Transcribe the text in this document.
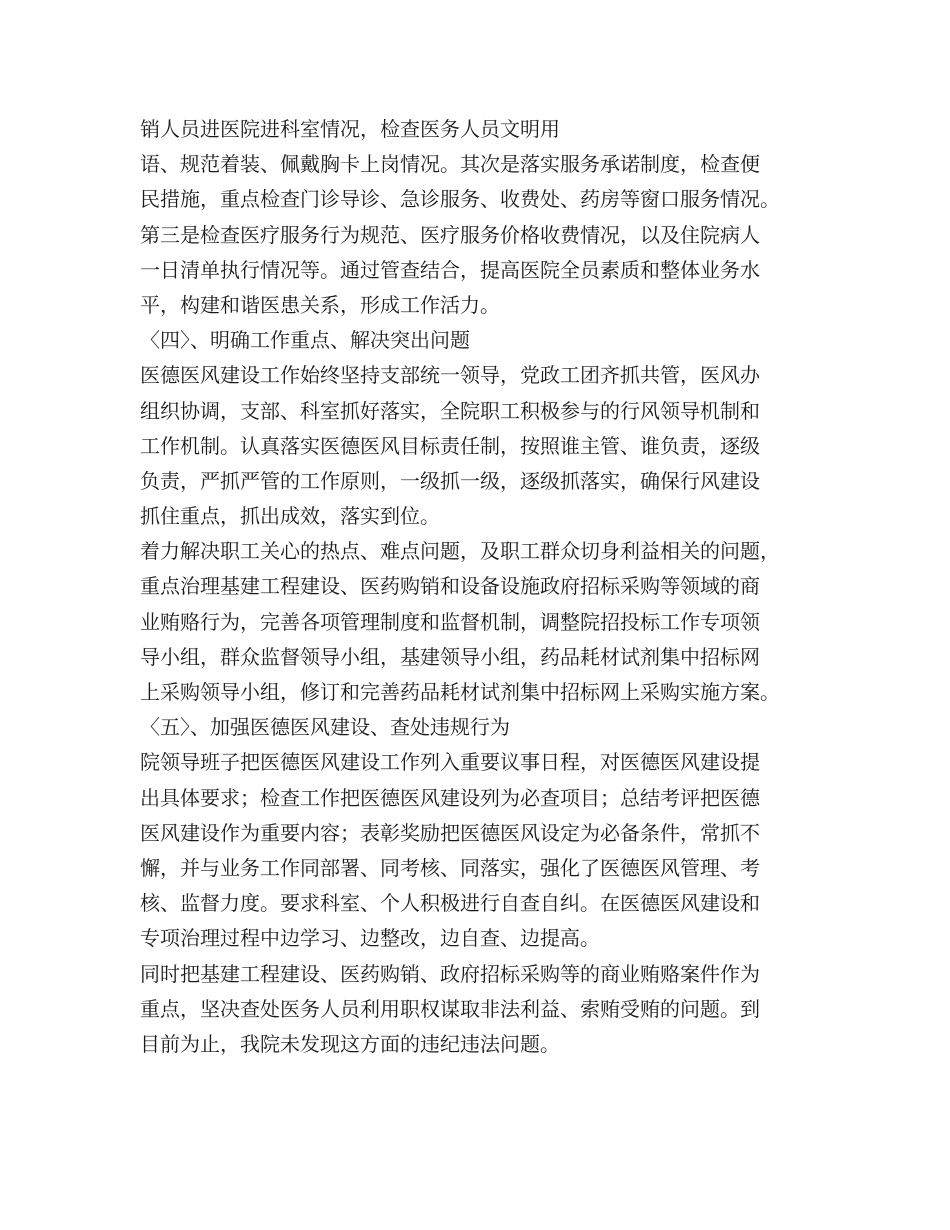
销人员进医院进科室情况，检查医务人员文明用
语、规范着装、佩戴胸卡上岗情况。其次是落实服务承诺制度，检查便
民措施，重点检查门诊导诊、急诊服务、收费处、药房等窗口服务情况。
第三是检查医疗服务行为规范、医疗服务价格收费情况，以及住院病人
一日清单执行情况等。通过管查结合，提高医院全员素质和整体业务水
平，构建和谐医患关系，形成工作活力。
〈四〉、明确工作重点、解决突出问题
医德医风建设工作始终坚持支部统一领导，党政工团齐抓共管，医风办
组织协调，支部、科室抓好落实，全院职工积极参与的行风领导机制和
工作机制。认真落实医德医风目标责任制，按照谁主管、谁负责，逐级
负责，严抓严管的工作原则，一级抓一级，逐级抓落实，确保行风建设
抓住重点，抓出成效，落实到位。
着力解决职工关心的热点、难点问题，及职工群众切身利益相关的问题，
重点治理基建工程建设、医药购销和设备设施政府招标采购等领域的商
业贿赂行为，完善各项管理制度和监督机制，调整院招投标工作专项领
导小组，群众监督领导小组，基建领导小组，药品耗材试剂集中招标网
上采购领导小组，修订和完善药品耗材试剂集中招标网上采购实施方案。
〈五〉、加强医德医风建设、查处违规行为
院领导班子把医德医风建设工作列入重要议事日程，对医德医风建设提
出具体要求；检查工作把医德医风建设列为必查项目；总结考评把医德
医风建设作为重要内容；表彰奖励把医德医风设定为必备条件，常抓不
懈，并与业务工作同部署、同考核、同落实，强化了医德医风管理、考
核、监督力度。要求科室、个人积极进行自查自纠。在医德医风建设和
专项治理过程中边学习、边整改，边自查、边提高。
同时把基建工程建设、医药购销、政府招标采购等的商业贿赂案件作为
重点，坚决查处医务人员利用职权谋取非法利益、索贿受贿的问题。到
目前为止，我院未发现这方面的违纪违法问题。
